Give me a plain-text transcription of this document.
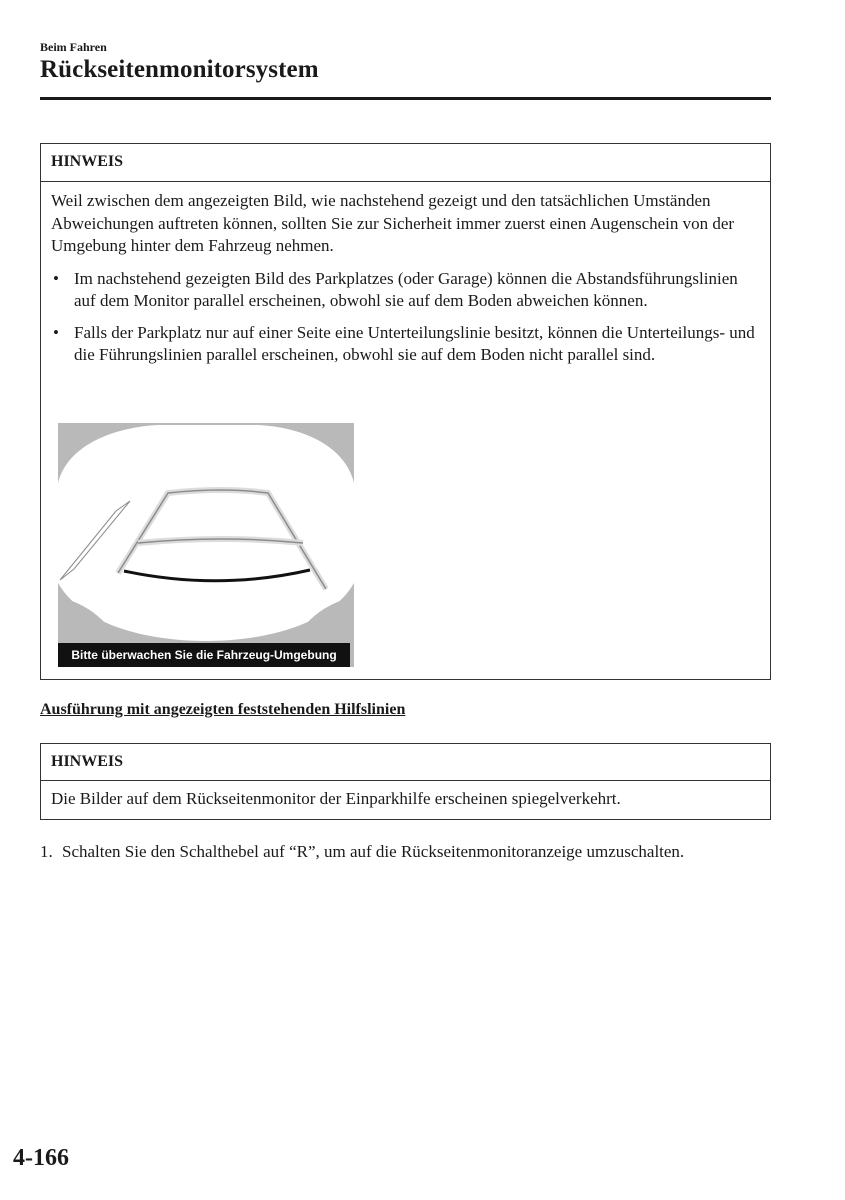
Beim Fahren
Rückseitenmonitorsystem
HINWEIS

Weil zwischen dem angezeigten Bild, wie nachstehend gezeigt und den tatsächlichen Umständen Abweichungen auftreten können, sollten Sie zur Sicherheit immer zuerst einen Augenschein von der Umgebung hinter dem Fahrzeug nehmen.

• Im nachstehend gezeigten Bild des Parkplatzes (oder Garage) können die Abstandsführungslinien auf dem Monitor parallel erscheinen, obwohl sie auf dem Boden abweichen können.
• Falls der Parkplatz nur auf einer Seite eine Unterteilungslinie besitzt, können die Unterteilungs- und die Führungslinien parallel erscheinen, obwohl sie auf dem Boden nicht parallel sind.
Bitte überwachen Sie die Fahrzeug-Umgebung
Ausführung mit angezeigten feststehenden Hilfslinien
HINWEIS
Die Bilder auf dem Rückseitenmonitor der Einparkhilfe erscheinen spiegelverkehrt.
1. Schalten Sie den Schalthebel auf “R”, um auf die Rückseitenmonitoranzeige umzuschalten.
4-166
